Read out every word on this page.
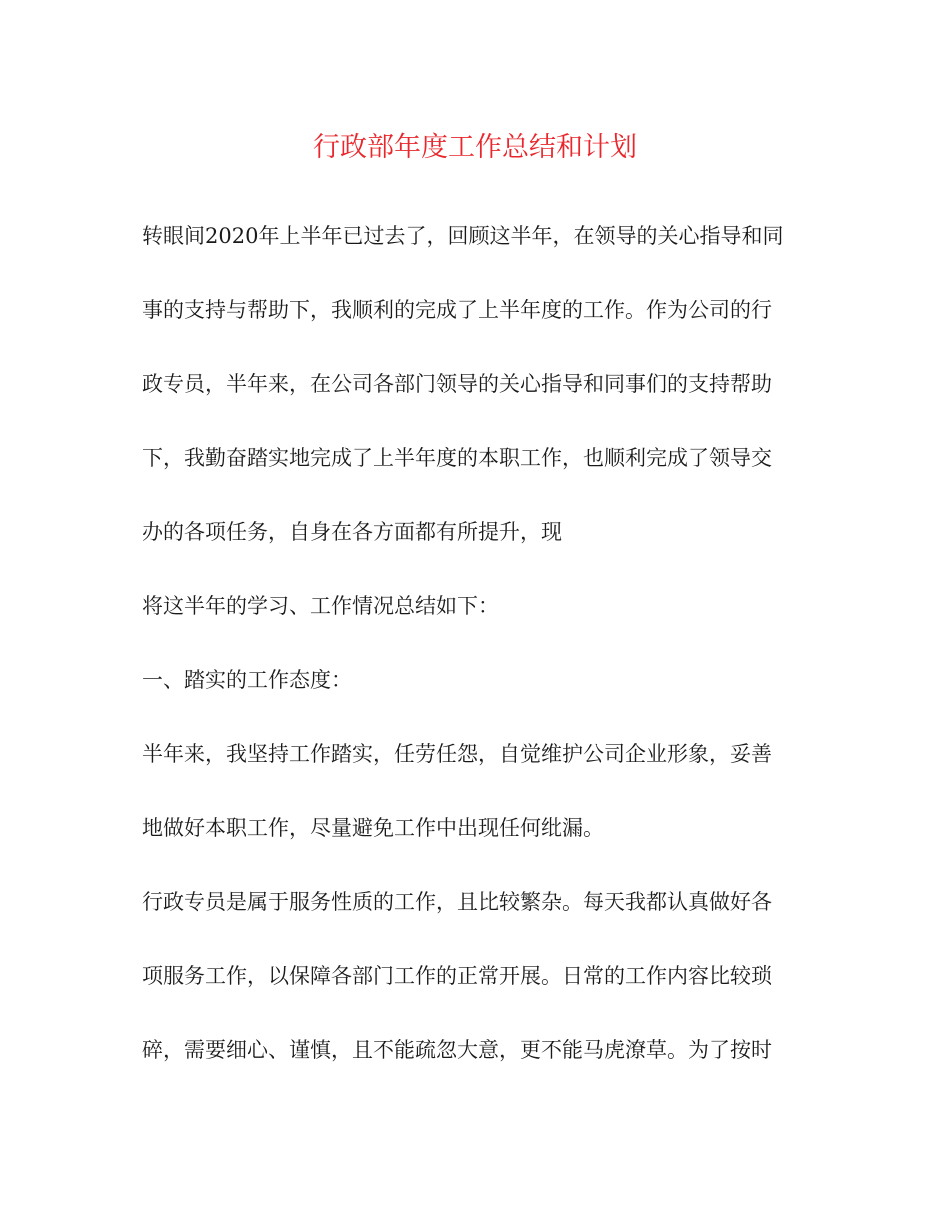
行政部年度工作总结和计划
转眼间2020年上半年已过去了，回顾这半年，在领导的关心指导和同
事的支持与帮助下，我顺利的完成了上半年度的工作。作为公司的行
政专员，半年来，在公司各部门领导的关心指导和同事们的支持帮助
下，我勤奋踏实地完成了上半年度的本职工作，也顺利完成了领导交
办的各项任务，自身在各方面都有所提升，现
将这半年的学习、工作情况总结如下：
一、踏实的工作态度：
半年来，我坚持工作踏实，任劳任怨，自觉维护公司企业形象，妥善
地做好本职工作，尽量避免工作中出现任何纰漏。
行政专员是属于服务性质的工作，且比较繁杂。每天我都认真做好各
项服务工作，以保障各部门工作的正常开展。日常的工作内容比较琐
碎，需要细心、谨慎，且不能疏忽大意，更不能马虎潦草。为了按时
